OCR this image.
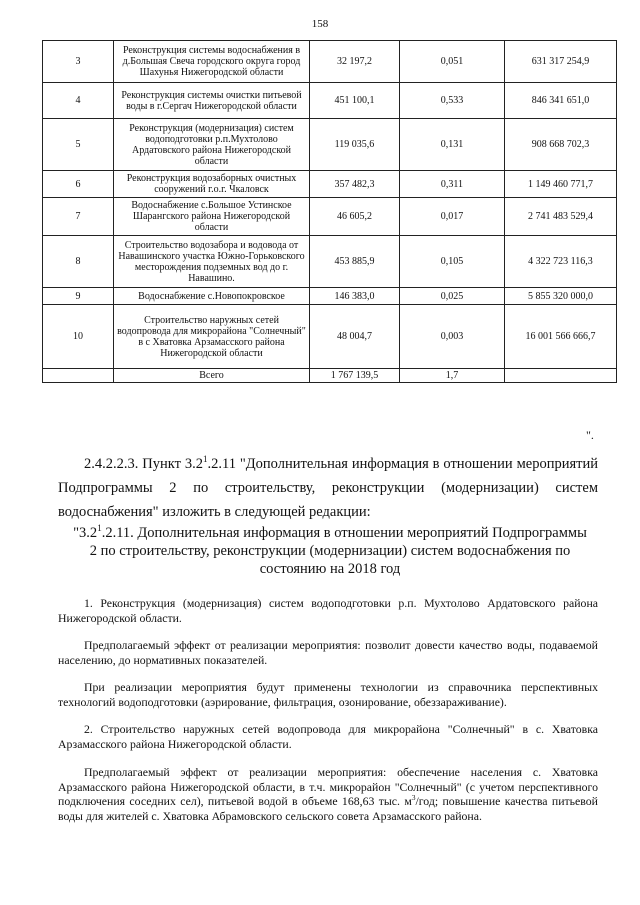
158
3	Реконструкция системы водоснабжения в д.Большая Свеча городского округа город Шахунья Нижегородской области	32 197,2	0,051	631 317 254,9
4	Реконструкция системы очистки питьевой воды в г.Сергач Нижегородской области	451 100,1	0,533	846 341 651,0
5	Реконструкция (модернизация) систем водоподготовки р.п.Мухтолово Ардатовского района Нижегородской области	119 035,6	0,131	908 668 702,3
6	Реконструкция водозаборных очистных сооружений г.о.г. Чкаловск	357 482,3	0,311	1 149 460 771,7
7	Водоснабжение с.Большое Устинское Шарангского района Нижегородской области	46 605,2	0,017	2 741 483 529,4
8	Строительство водозабора и водовода от Навашинского участка Южно-Горьковского месторождения подземных вод до г. Навашино.	453 885,9	0,105	4 322 723 116,3
9	Водоснабжение с.Новопокровское	146 383,0	0,025	5 855 320 000,0
10	Строительство наружных сетей водопровода для микрорайона "Солнечный" в с Хватовка Арзамасского района Нижегородской области	48 004,7	0,003	16 001 566 666,7
	Всего	1 767 139,5	1,7	
".
2.4.2.2.3. Пункт $3.2^1.2.11$ "Дополнительная информация в отношении мероприятий Подпрограммы 2 по строительству, реконструкции (модернизации) систем водоснабжения" изложить в следующей редакции:
"$3.2^1.2.11$. Дополнительная информация в отношении мероприятий Подпрограммы 2 по строительству, реконструкции (модернизации) систем водоснабжения по состоянию на 2018 год
1. Реконструкция (модернизация) систем водоподготовки р.п. Мухтолово Ардатовского района Нижегородской области.
Предполагаемый эффект от реализации мероприятия: позволит довести качество воды, подаваемой населению, до нормативных показателей.
При реализации мероприятия будут применены технологии из справочника перспективных технологий водоподготовки (аэрирование, фильтрация, озонирование, обеззараживание).
2. Строительство наружных сетей водопровода для микрорайона "Солнечный" в с. Хватовка Арзамасского района Нижегородской области.
Предполагаемый эффект от реализации мероприятия: обеспечение населения с. Хватовка Арзамасского района Нижегородской области, в т.ч. микрорайон "Солнечный" (с учетом перспективного подключения соседних сел), питьевой водой в объеме 168,63 тыс. $м^3$/год; повышение качества питьевой воды для жителей с. Хватовка Абрамовского сельского совета Арзамасского района.
